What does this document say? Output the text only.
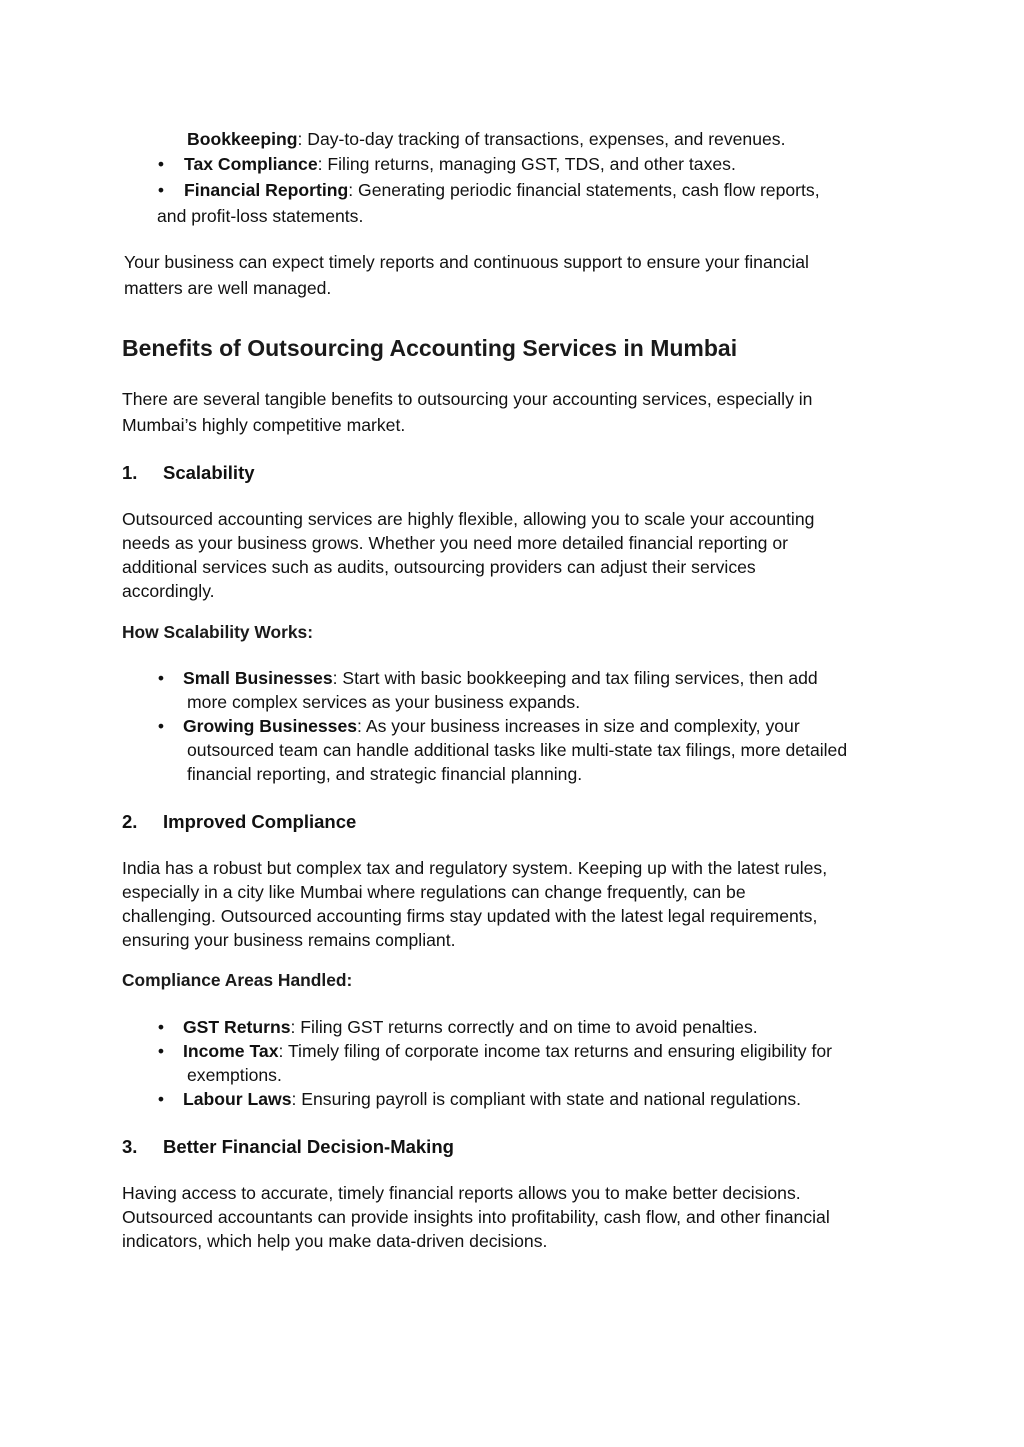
Bookkeeping: Day-to-day tracking of transactions, expenses, and revenues.
• Tax Compliance: Filing returns, managing GST, TDS, and other taxes.
• Financial Reporting: Generating periodic financial statements, cash flow reports,
and profit-loss statements.
Your business can expect timely reports and continuous support to ensure your financial
matters are well managed.
Benefits of Outsourcing Accounting Services in Mumbai
There are several tangible benefits to outsourcing your accounting services, especially in
Mumbai’s highly competitive market.
1. Scalability
Outsourced accounting services are highly flexible, allowing you to scale your accounting
needs as your business grows. Whether you need more detailed financial reporting or
additional services such as audits, outsourcing providers can adjust their services
accordingly.
How Scalability Works:
• Small Businesses: Start with basic bookkeeping and tax filing services, then add
more complex services as your business expands.
• Growing Businesses: As your business increases in size and complexity, your
outsourced team can handle additional tasks like multi-state tax filings, more detailed
financial reporting, and strategic financial planning.
2. Improved Compliance
India has a robust but complex tax and regulatory system. Keeping up with the latest rules,
especially in a city like Mumbai where regulations can change frequently, can be
challenging. Outsourced accounting firms stay updated with the latest legal requirements,
ensuring your business remains compliant.
Compliance Areas Handled:
• GST Returns: Filing GST returns correctly and on time to avoid penalties.
• Income Tax: Timely filing of corporate income tax returns and ensuring eligibility for
exemptions.
• Labour Laws: Ensuring payroll is compliant with state and national regulations.
3. Better Financial Decision-Making
Having access to accurate, timely financial reports allows you to make better decisions.
Outsourced accountants can provide insights into profitability, cash flow, and other financial
indicators, which help you make data-driven decisions.
